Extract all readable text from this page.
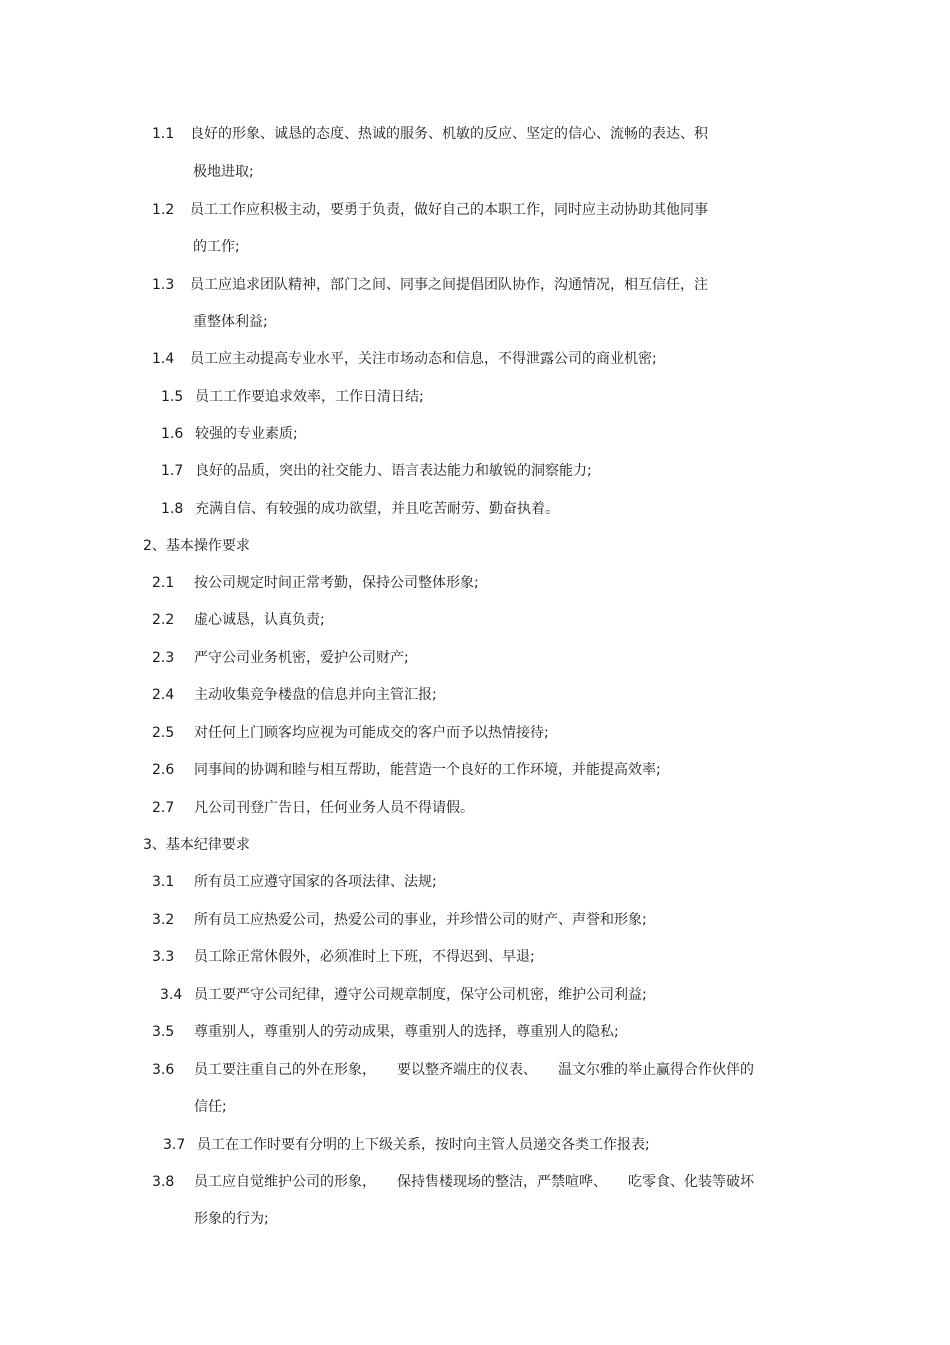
1.1 良好的形象、诚恳的态度、热诚的服务、机敏的反应、坚定的信心、流畅的表达、积
极地进取;
1.2 员工工作应积极主动，要勇于负责，做好自己的本职工作，同时应主动协助其他同事
的工作;
1.3 员工应追求团队精神，部门之间、同事之间提倡团队协作，沟通情况，相互信任，注
重整体利益;
1.4 员工应主动提高专业水平，关注市场动态和信息，不得泄露公司的商业机密;
1.5 员工工作要追求效率，工作日清日结;
1.6 较强的专业素质;
1.7 良好的品质，突出的社交能力、语言表达能力和敏锐的洞察能力;
1.8 充满自信、有较强的成功欲望，并且吃苦耐劳、勤奋执着。
2、基本操作要求
2.1 按公司规定时间正常考勤，保持公司整体形象;
2.2 虚心诚恳，认真负责;
2.3 严守公司业务机密，爱护公司财产;
2.4 主动收集竞争楼盘的信息并向主管汇报;
2.5 对任何上门顾客均应视为可能成交的客户而予以热情接待;
2.6 同事间的协调和睦与相互帮助，能营造一个良好的工作环境，并能提高效率;
2.7 凡公司刊登广告日，任何业务人员不得请假。
3、基本纪律要求
3.1 所有员工应遵守国家的各项法律、法规;
3.2 所有员工应热爱公司，热爱公司的事业，并珍惜公司的财产、声誉和形象;
3.3 员工除正常休假外，必须准时上下班，不得迟到、早退;
3.4 员工要严守公司纪律，遵守公司规章制度，保守公司机密，维护公司利益;
3.5 尊重别人，尊重别人的劳动成果，尊重别人的选择，尊重别人的隐私;
3.6 员工要注重自己的外在形象，　　要以整齐端庄的仪表、　　温文尔雅的举止赢得合作伙伴的
信任;
3.7 员工在工作时要有分明的上下级关系，按时向主管人员递交各类工作报表;
3.8 员工应自觉维护公司的形象，　　保持售楼现场的整洁，严禁喧哗、　　吃零食、化装等破坏
形象的行为;
